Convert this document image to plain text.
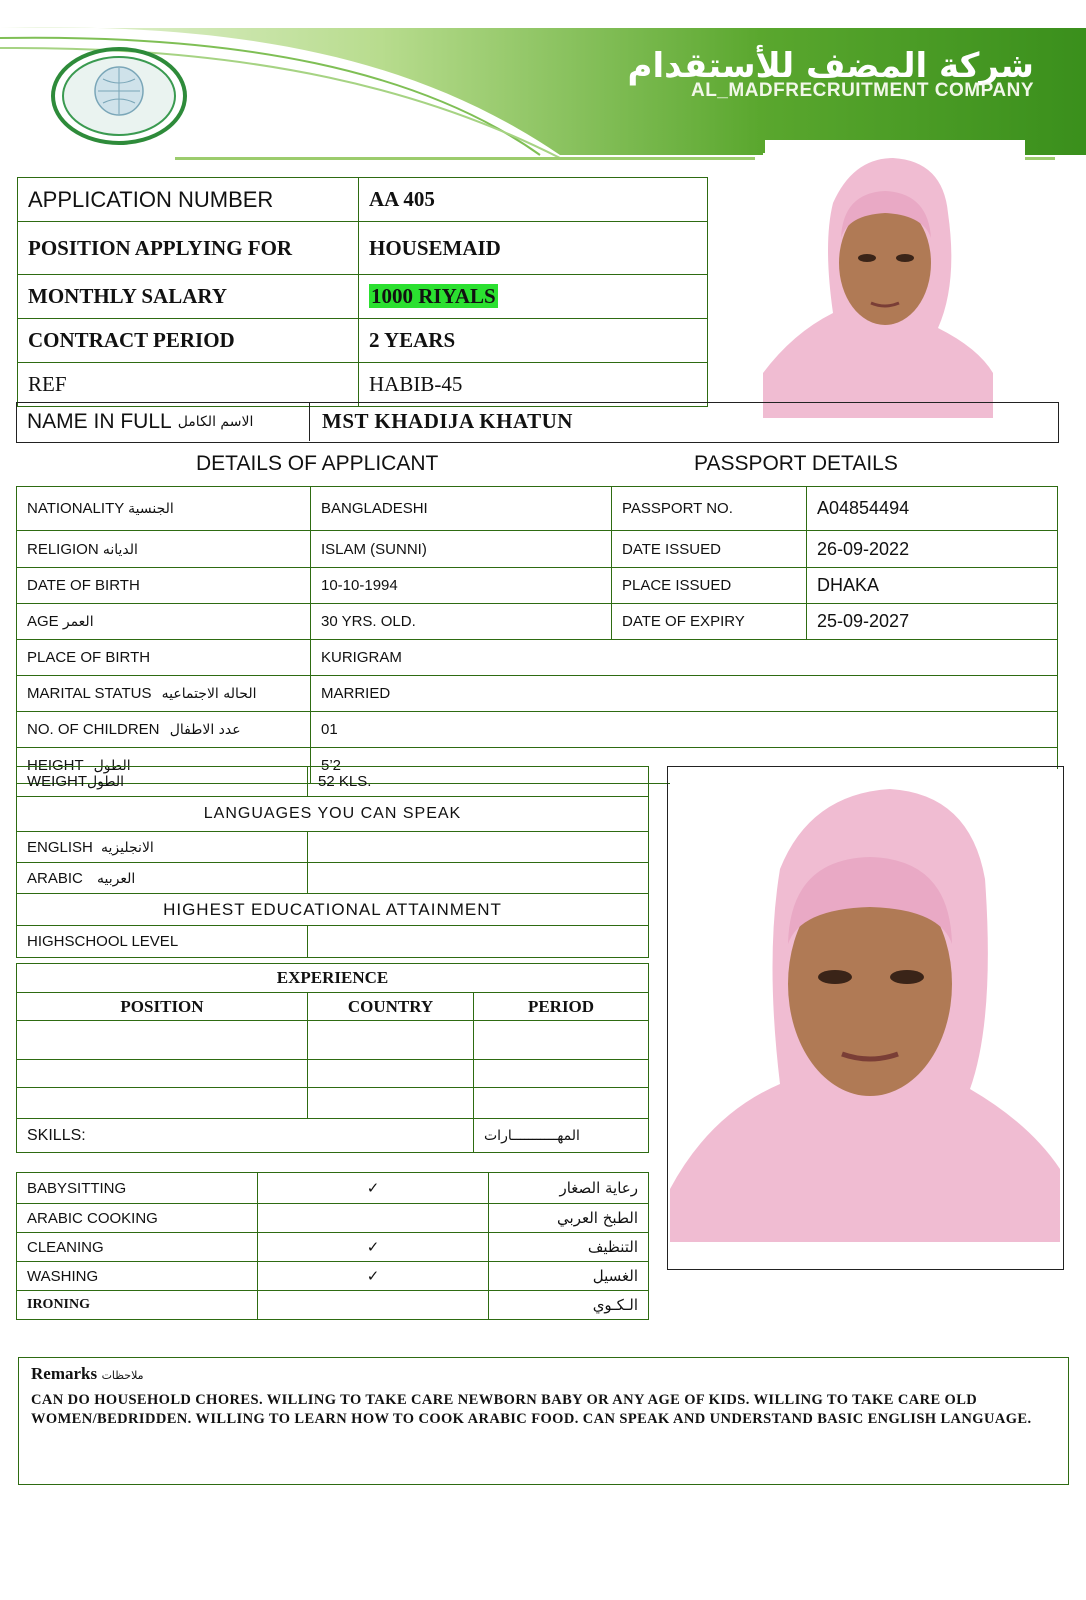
شركة المضف للأستقدام
AL_MADFRECRUITMENT COMPANY
APPLICATION NUMBER	AA 405
POSITION APPLYING FOR	HOUSEMAID
MONTHLY SALARY	1000 RIYALS
CONTRACT PERIOD	2 YEARS
REF	HABIB-45
NAME IN FULL الاسم الكامل	MST KHADIJA KHATUN
DETAILS OF APPLICANT	PASSPORT DETAILS
NATIONALITY الجنسية	BANGLADESHI	PASSPORT NO.	A04854494
RELIGION الديانه	ISLAM (SUNNI)	DATE ISSUED	26-09-2022
DATE OF BIRTH	10-10-1994	PLACE ISSUED	DHAKA
AGE العمر	30 YRS. OLD.	DATE OF EXPIRY	25-09-2027
PLACE OF BIRTH	KURIGRAM		
MARITAL STATUS الحاله الاجتماعيه	MARRIED		
NO. OF CHILDREN عدد الاطفال	01		
HEIGHT الطول	5’2		
WEIGHTالطول	52 KLS.
LANGUAGES YOU CAN SPEAK	
ENGLISH الانجليزيه	
ARABIC العربيه	
HIGHEST EDUCATIONAL ATTAINMENT	
HIGHSCHOOL LEVEL	
EXPERIENCE		
POSITION	COUNTRY	PERIOD

SKILLS:		المهـــــــــــارات
BABYSITTING	✓	رعاية الصغار
ARABIC COOKING		الطبخ العربي
CLEANING	✓	التنظيف
WASHING	✓	الغسيل
IRONING		الـكـوي
Remarks ملاحظات
CAN DO HOUSEHOLD CHORES. WILLING TO TAKE CARE NEWBORN BABY OR ANY AGE OF KIDS. WILLING TO TAKE CARE OLD WOMEN/BEDRIDDEN. WILLING TO LEARN HOW TO COOK ARABIC FOOD. CAN SPEAK AND UNDERSTAND BASIC ENGLISH LANGUAGE.
